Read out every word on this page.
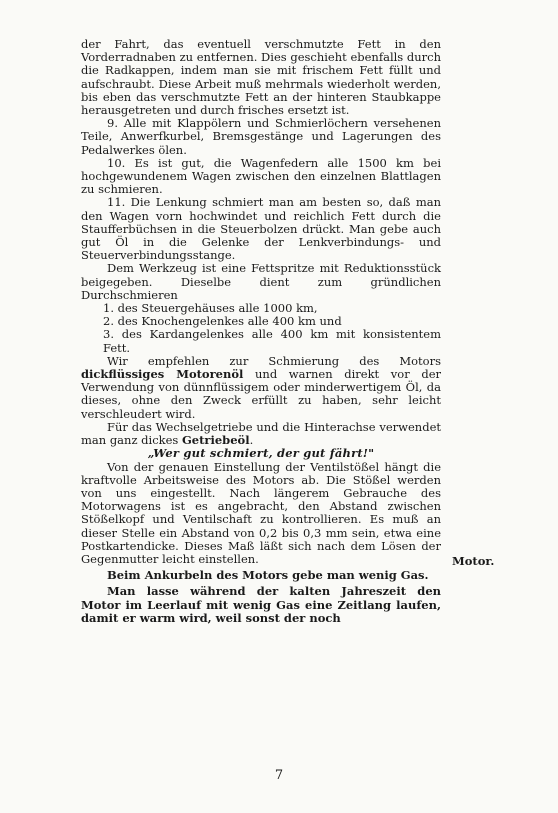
der Fahrt, das eventuell verschmutzte Fett in den Vorderradnaben zu entfernen. Dies geschieht ebenfalls durch die Radkappen, indem man sie mit frischem Fett füllt und aufschraubt. Diese Arbeit muß mehrmals wiederholt werden, bis eben das verschmutzte Fett an der hinteren Staubkappe herausgetreten und durch frisches ersetzt ist.

9. Alle mit Klappölern und Schmierlöchern versehenen Teile, Anwerfkurbel, Bremsgestänge und Lagerungen des Pedalwerkes ölen.

10. Es ist gut, die Wagenfedern alle 1500 km bei hochgewundenem Wagen zwischen den einzelnen Blattlagen zu schmieren.

11. Die Lenkung schmiert man am besten so, daß man den Wagen vorn hochwindet und reichlich Fett durch die Staufferbüchsen in die Steuerbolzen drückt. Man gebe auch gut Öl in die Gelenke der Lenkverbindungs- und Steuerverbindungsstange.

Dem Werkzeug ist eine Fettspritze mit Reduktionsstück beigegeben. Dieselbe dient zum gründlichen Durchschmieren

1. des Steuergehäuses alle 1000 km,
2. des Knochengelenkes alle 400 km und
3. des Kardangelenkes alle 400 km mit konsistentem Fett.

Wir empfehlen zur Schmierung des Motors dickflüssiges Motorenöl und warnen direkt vor der Verwendung von dünnflüssigem oder minderwertigem Öl, da dieses, ohne den Zweck erfüllt zu haben, sehr leicht verschleudert wird.

Für das Wechselgetriebe und die Hinterachse verwendet man ganz dickes Getriebeöl.

„Wer gut schmiert, der gut fährt!"

Von der genauen Einstellung der Ventilstößel hängt die kraftvolle Arbeitsweise des Motors ab. Die Stößel werden von uns eingestellt. Nach längerem Gebrauche des Motorwagens ist es angebracht, den Abstand zwischen Stößelkopf und Ventilschaft zu kontrollieren. Es muß an dieser Stelle ein Abstand von 0,2 bis 0,3 mm sein, etwa eine Postkartendicke. Dieses Maß läßt sich nach dem Lösen der Gegenmutter leicht einstellen.

Beim Ankurbeln des Motors gebe man wenig Gas.

Man lasse während der kalten Jahreszeit den Motor im Leerlauf mit wenig Gas eine Zeitlang laufen, damit er warm wird, weil sonst der noch

Motor.
7
